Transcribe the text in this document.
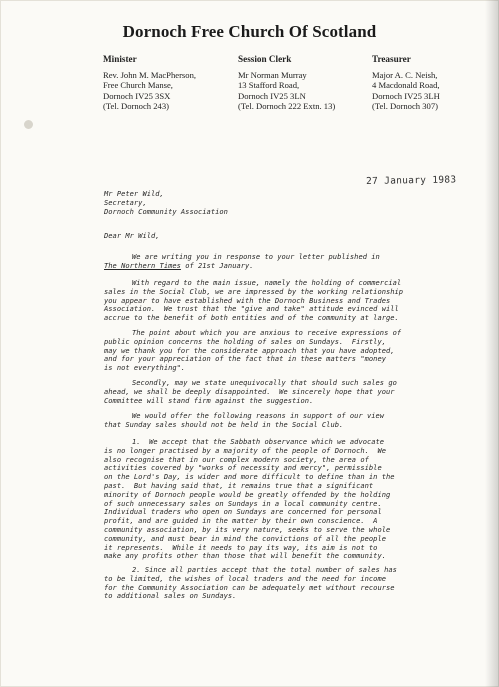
Dornoch Free Church Of Scotland
Minister
Rev. John M. MacPherson,
Free Church Manse,
Dornoch IV25 3SX
(Tel. Dornoch 243)
Session Clerk
Mr Norman Murray
13 Stafford Road,
Dornoch IV25 3LN
(Tel. Dornoch 222 Extn. 13)
Treasurer
Major A. C. Neish,
4 Macdonald Road,
Dornoch IV25 3LH
(Tel. Dornoch 307)
27 January 1983
Mr Peter Wild,
Secretary,
Dornoch Community Association
Dear Mr Wild,
We are writing you in response to your letter published in
The Northern Times of 21st January.
With regard to the main issue, namely the holding of commercial
sales in the Social Club, we are impressed by the working relationship
you appear to have established with the Dornoch Business and Trades
Association.  We trust that the "give and take" attitude evinced will
accrue to the benefit of both entities and of the community at large.
The point about which you are anxious to receive expressions of
public opinion concerns the holding of sales on Sundays.  Firstly,
may we thank you for the considerate approach that you have adopted,
and for your appreciation of the fact that in these matters "money
is not everything".
Secondly, may we state unequivocally that should such sales go
ahead, we shall be deeply disappointed.  We sincerely hope that your
Committee will stand firm against the suggestion.
We would offer the following reasons in support of our view
that Sunday sales should not be held in the Social Club.
1.  We accept that the Sabbath observance which we advocate
is no longer practised by a majority of the people of Dornoch.  We
also recognise that in our complex modern society, the area of
activities covered by "works of necessity and mercy", permissible
on the Lord's Day, is wider and more difficult to define than in the
past.  But having said that, it remains true that a significant
minority of Dornoch people would be greatly offended by the holding
of such unnecessary sales on Sundays in a local community centre.
Individual traders who open on Sundays are concerned for personal
profit, and are guided in the matter by their own conscience.  A
community association, by its very nature, seeks to serve the whole
community, and must bear in mind the convictions of all the people
it represents.  While it needs to pay its way, its aim is not to
make any profits other than those that will benefit the community.
2. Since all parties accept that the total number of sales has
to be limited, the wishes of local traders and the need for income
for the Community Association can be adequately met without recourse
to additional sales on Sundays.
